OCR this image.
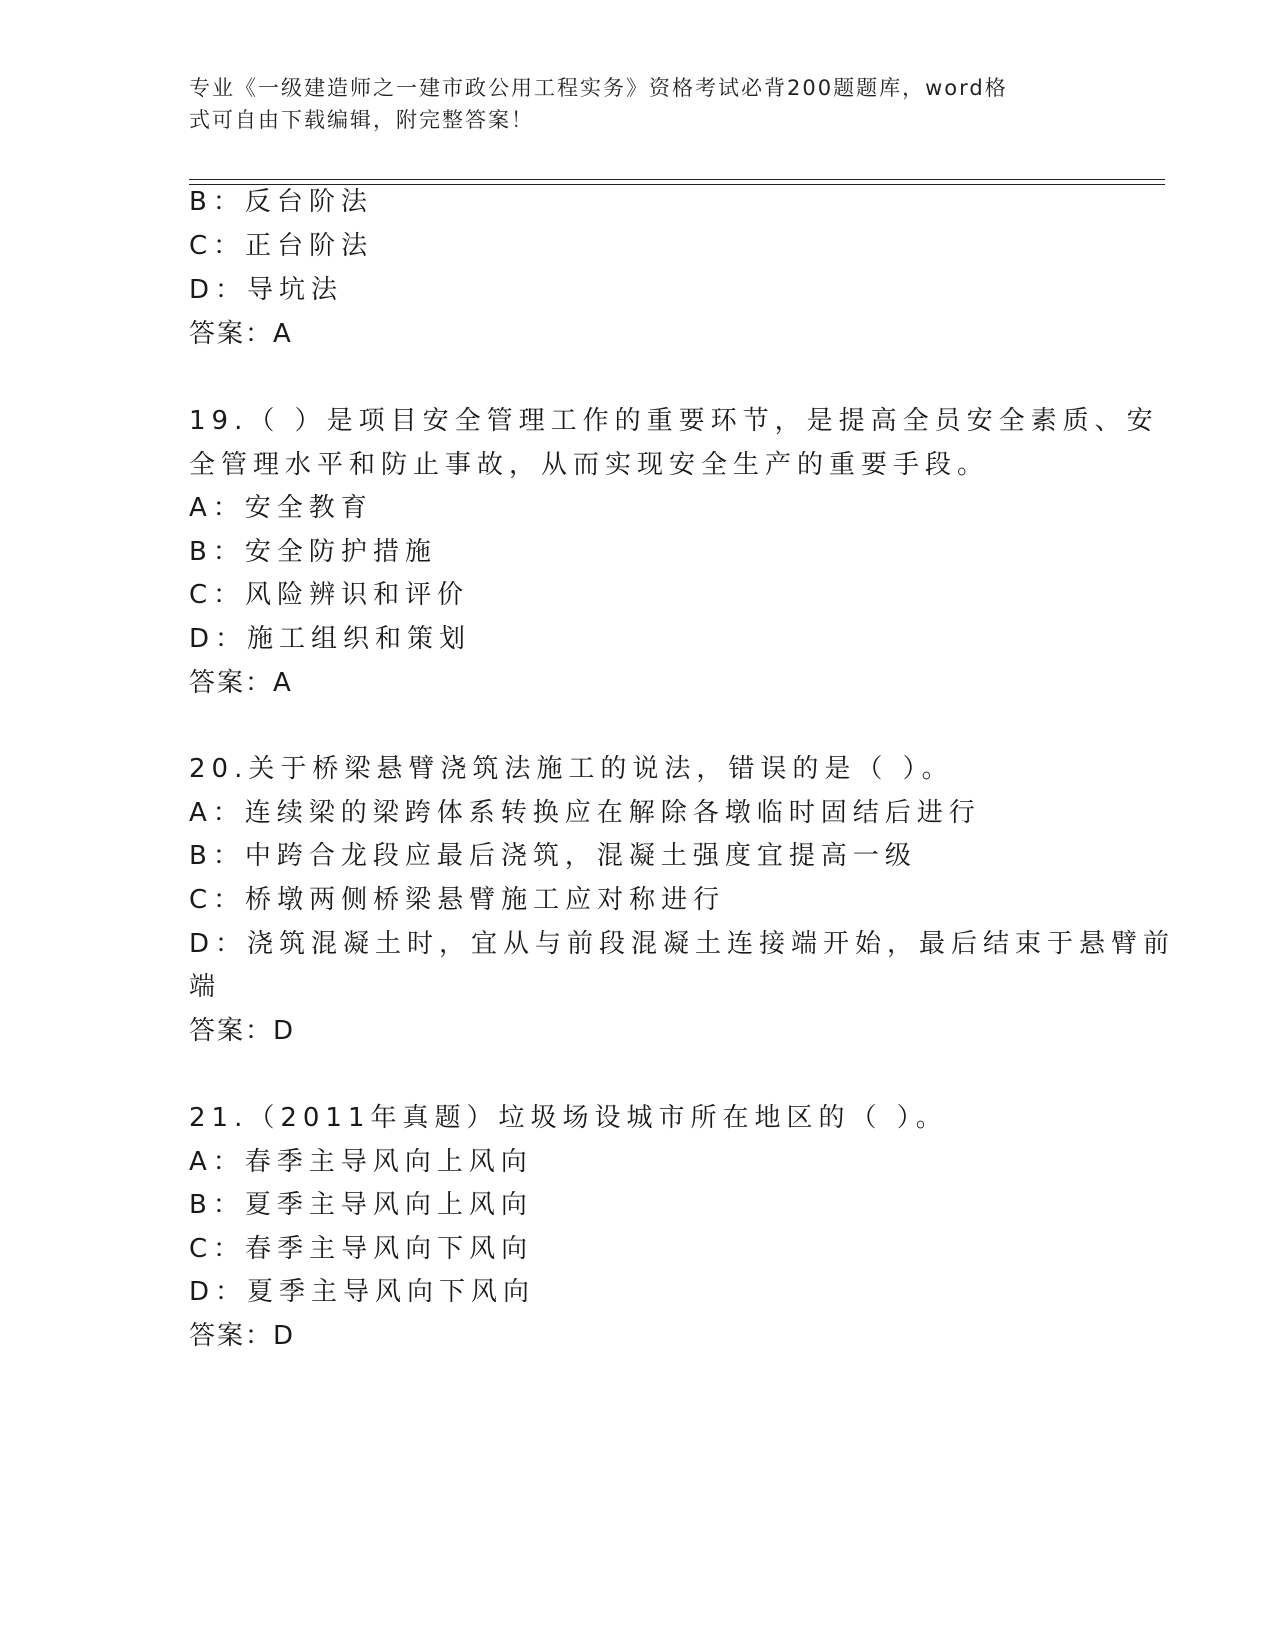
专业《一级建造师之一建市政公用工程实务》资格考试必背200题题库，word格
式可自由下载编辑，附完整答案！
B：反台阶法
C：正台阶法
D：导坑法
答案：A
19.（ ）是项目安全管理工作的重要环节，是提高全员安全素质、安
全管理水平和防止事故，从而实现安全生产的重要手段。
A：安全教育
B：安全防护措施
C：风险辨识和评价
D：施工组织和策划
答案：A
20.关于桥梁悬臂浇筑法施工的说法，错误的是（ ）。
A：连续梁的梁跨体系转换应在解除各墩临时固结后进行
B：中跨合龙段应最后浇筑，混凝土强度宜提高一级
C：桥墩两侧桥梁悬臂施工应对称进行
D：浇筑混凝土时，宜从与前段混凝土连接端开始，最后结束于悬臂前
端
答案：D
21.（2011年真题）垃圾场设城市所在地区的（ ）。
A：春季主导风向上风向
B：夏季主导风向上风向
C：春季主导风向下风向
D：夏季主导风向下风向
答案：D
